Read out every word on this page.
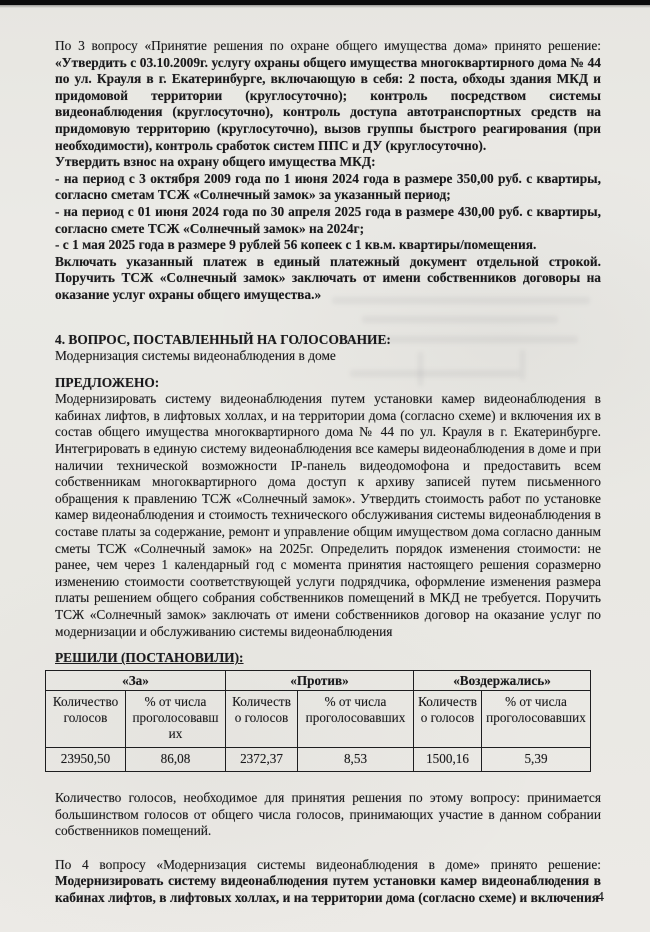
По 3 вопросу «Принятие решения по охране общего имущества дома» принято решение: «Утвердить с 03.10.2009г. услугу охраны общего имущества многоквартирного дома № 44 по ул. Крауля в г. Екатеринбурге, включающую в себя: 2 поста, обходы здания МКД и придомовой территории (круглосуточно); контроль посредством системы видеонаблюдения (круглосуточно), контроль доступа автотранспортных средств на придомовую территорию (круглосуточно), вызов группы быстрого реагирования (при необходимости), контроль сработок систем ППС и ДУ (круглосуточно).

Утвердить взнос на охрану общего имущества МКД:

- на период с 3 октября 2009 года по 1 июня 2024 года в размере 350,00 руб. с квартиры, согласно сметам ТСЖ «Солнечный замок» за указанный период;

- на период с 01 июня 2024 года по 30 апреля 2025 года в размере 430,00 руб. с квартиры, согласно смете ТСЖ «Солнечный замок» на 2024г;

- с 1 мая 2025 года в размере 9 рублей 56 копеек с 1 кв.м. квартиры/помещения.

Включать указанный платеж в единый платежный документ отдельной строкой. Поручить ТСЖ «Солнечный замок» заключать от имени собственников договоры на оказание услуг охраны общего имущества.»

4. ВОПРОС, ПОСТАВЛЕННЫЙ НА ГОЛОСОВАНИЕ:

Модернизация системы видеонаблюдения в доме

ПРЕДЛОЖЕНО:

Модернизировать систему видеонаблюдения путем установки камер видеонаблюдения в кабинах лифтов, в лифтовых холлах, и на территории дома (согласно схеме) и включения их в состав общего имущества многоквартирного дома № 44 по ул. Крауля в г. Екатеринбурге. Интегрировать в единую систему видеонаблюдения все камеры видеонаблюдения в доме и при наличии технической возможности IP-панель видеодомофона и предоставить всем собственникам многоквартирного дома доступ к архиву записей путем письменного обращения к правлению ТСЖ «Солнечный замок». Утвердить стоимость работ по установке камер видеонаблюдения и стоимость технического обслуживания системы видеонаблюдения в составе платы за содержание, ремонт и управление общим имуществом дома согласно данным сметы ТСЖ «Солнечный замок» на 2025г. Определить порядок изменения стоимости: не ранее, чем через 1 календарный год с момента принятия настоящего решения соразмерно изменению стоимости соответствующей услуги подрядчика, оформление изменения размера платы решением общего собрания собственников помещений в МКД не требуется. Поручить ТСЖ «Солнечный замок» заключать от имени собственников договор на оказание услуг по модернизации и обслуживанию системы видеонаблюдения

РЕШИЛИ (ПОСТАНОВИЛИ):

«За»		«Против»		«Воздержались»	
Количество голосов	% от числа проголосовавших	Количество голосов	% от числа проголосовавших	Количество голосов	% от числа проголосовавших
23950,50	86,08	2372,37	8,53	1500,16	5,39

Количество голосов, необходимое для принятия решения по этому вопросу: принимается большинством голосов от общего числа голосов, принимающих участие в данном собрании собственников помещений.

По 4 вопросу «Модернизация системы видеонаблюдения в доме» принято решение: Модернизировать систему видеонаблюдения путем установки камер видеонаблюдения в кабинах лифтов, в лифтовых холлах, и на территории дома (согласно схеме) и включения

4
